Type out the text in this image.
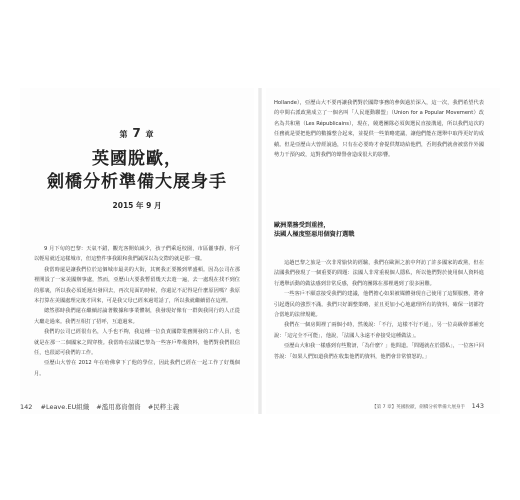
第 7 章
英國脫歐，
劍橋分析準備大展身手
2015 年 9 月

9 月下旬的巴黎：天氣不錯，觀光客開始減少，孩子們乘返校園，市區儷事靜，你可以輕易就近這樣城市，但這整件事我跟和我們誠深以為交際的就是那一樣。

我當時還是讓我們位於這個城市最美的大街，其實我正要搬到華盛頓。因為公司在那裡開設了一家美國辦事處，然而，亞歷山大要我暫留幾天去遊一遍，去一處現在找不到位的那裏，所以我必須延遲出發回去，再次見面的時候，你還記不記得是什麼原因嗎？我原本打算在美國處理完後才回來，可是我父母已經來過電話了，所以我就繼續留在這裡。

總然那時我們還在繼續討論著數據和事業體制，我發現好像有一群與我同行的人正從大廳走過來。我們互相打了招呼，互道過來。

我們的公司已經很有名，人手也不夠，我這種一位負責國際業務開發的工作人員，也就是在那一二個國家之間穿梭。我當時在法國巴黎為一些客戶準備資料，他們對我們很信任，也很認可我們的工作。

亞歷山大曾在 2012 年在哈佛拿下了他的學位，因此我們已經在一起工作了好幾個月。

142 #Leave.EU組織 #濫用募資個資 #民粹主義

Hollande），亞歷山大不要再讓我們對於國際事務的參與過於深入，這一次，我們希望代表的中間右派政黨成立了一個名叫「人民運動聯盟」（Union for a Popular Movement）改名為共和黨（Les Républicains），現在，競選團隊必須與選民直接溝通，所以我們這次的任務就是要把他們的數據整合起來，並提供一些策略建議，讓他們能在選舉中取得更好的成績。但是亞歷山大曾經說過，只有在必要時才會提供幫助給他們，否則我們就會被當作外國勢力干預內政，這對我們的聲譽會造成很大的影響。

歐洲業務受到重挫，
法國人極度堅惡用個資打選戰

這趟巴黎之旅是一次非常愉快的經驗，我們在歐洲之旅中拜訪了許多國家的政黨，但在法國我們發現了一個重要的問題：法國人非常重視個人隱私，所以他們對於使用個人資料進行選舉活動的做法感到非常反感，我們的團隊在那裡遇到了很多困難。

一些客戶不願意接受我們的建議，他們擔心如果被媒體發現自己使用了這類服務，將會引起選民的強烈不滿。我們只好調整策略，並且更加小心地處理所有的資料，確保一切都符合當地的法律規範。

我們在一個房間裡了兩個小時，然後說：「不行，這樣不行不通」，另一位高級幹部補充說：「這完全不可能」，他說，「法國人永遠不會接受這種做法」。

亞歷山大和我一樣感到有些驚訝，「為什麼？」他問道。「問題就在於隱私」，一位客戶回答說：「如果人們知道我們在收集他們的資料，他們會非常憤怒的。」

【第 7 章】英國脫歐，劍橋分析準備大展身手 143
